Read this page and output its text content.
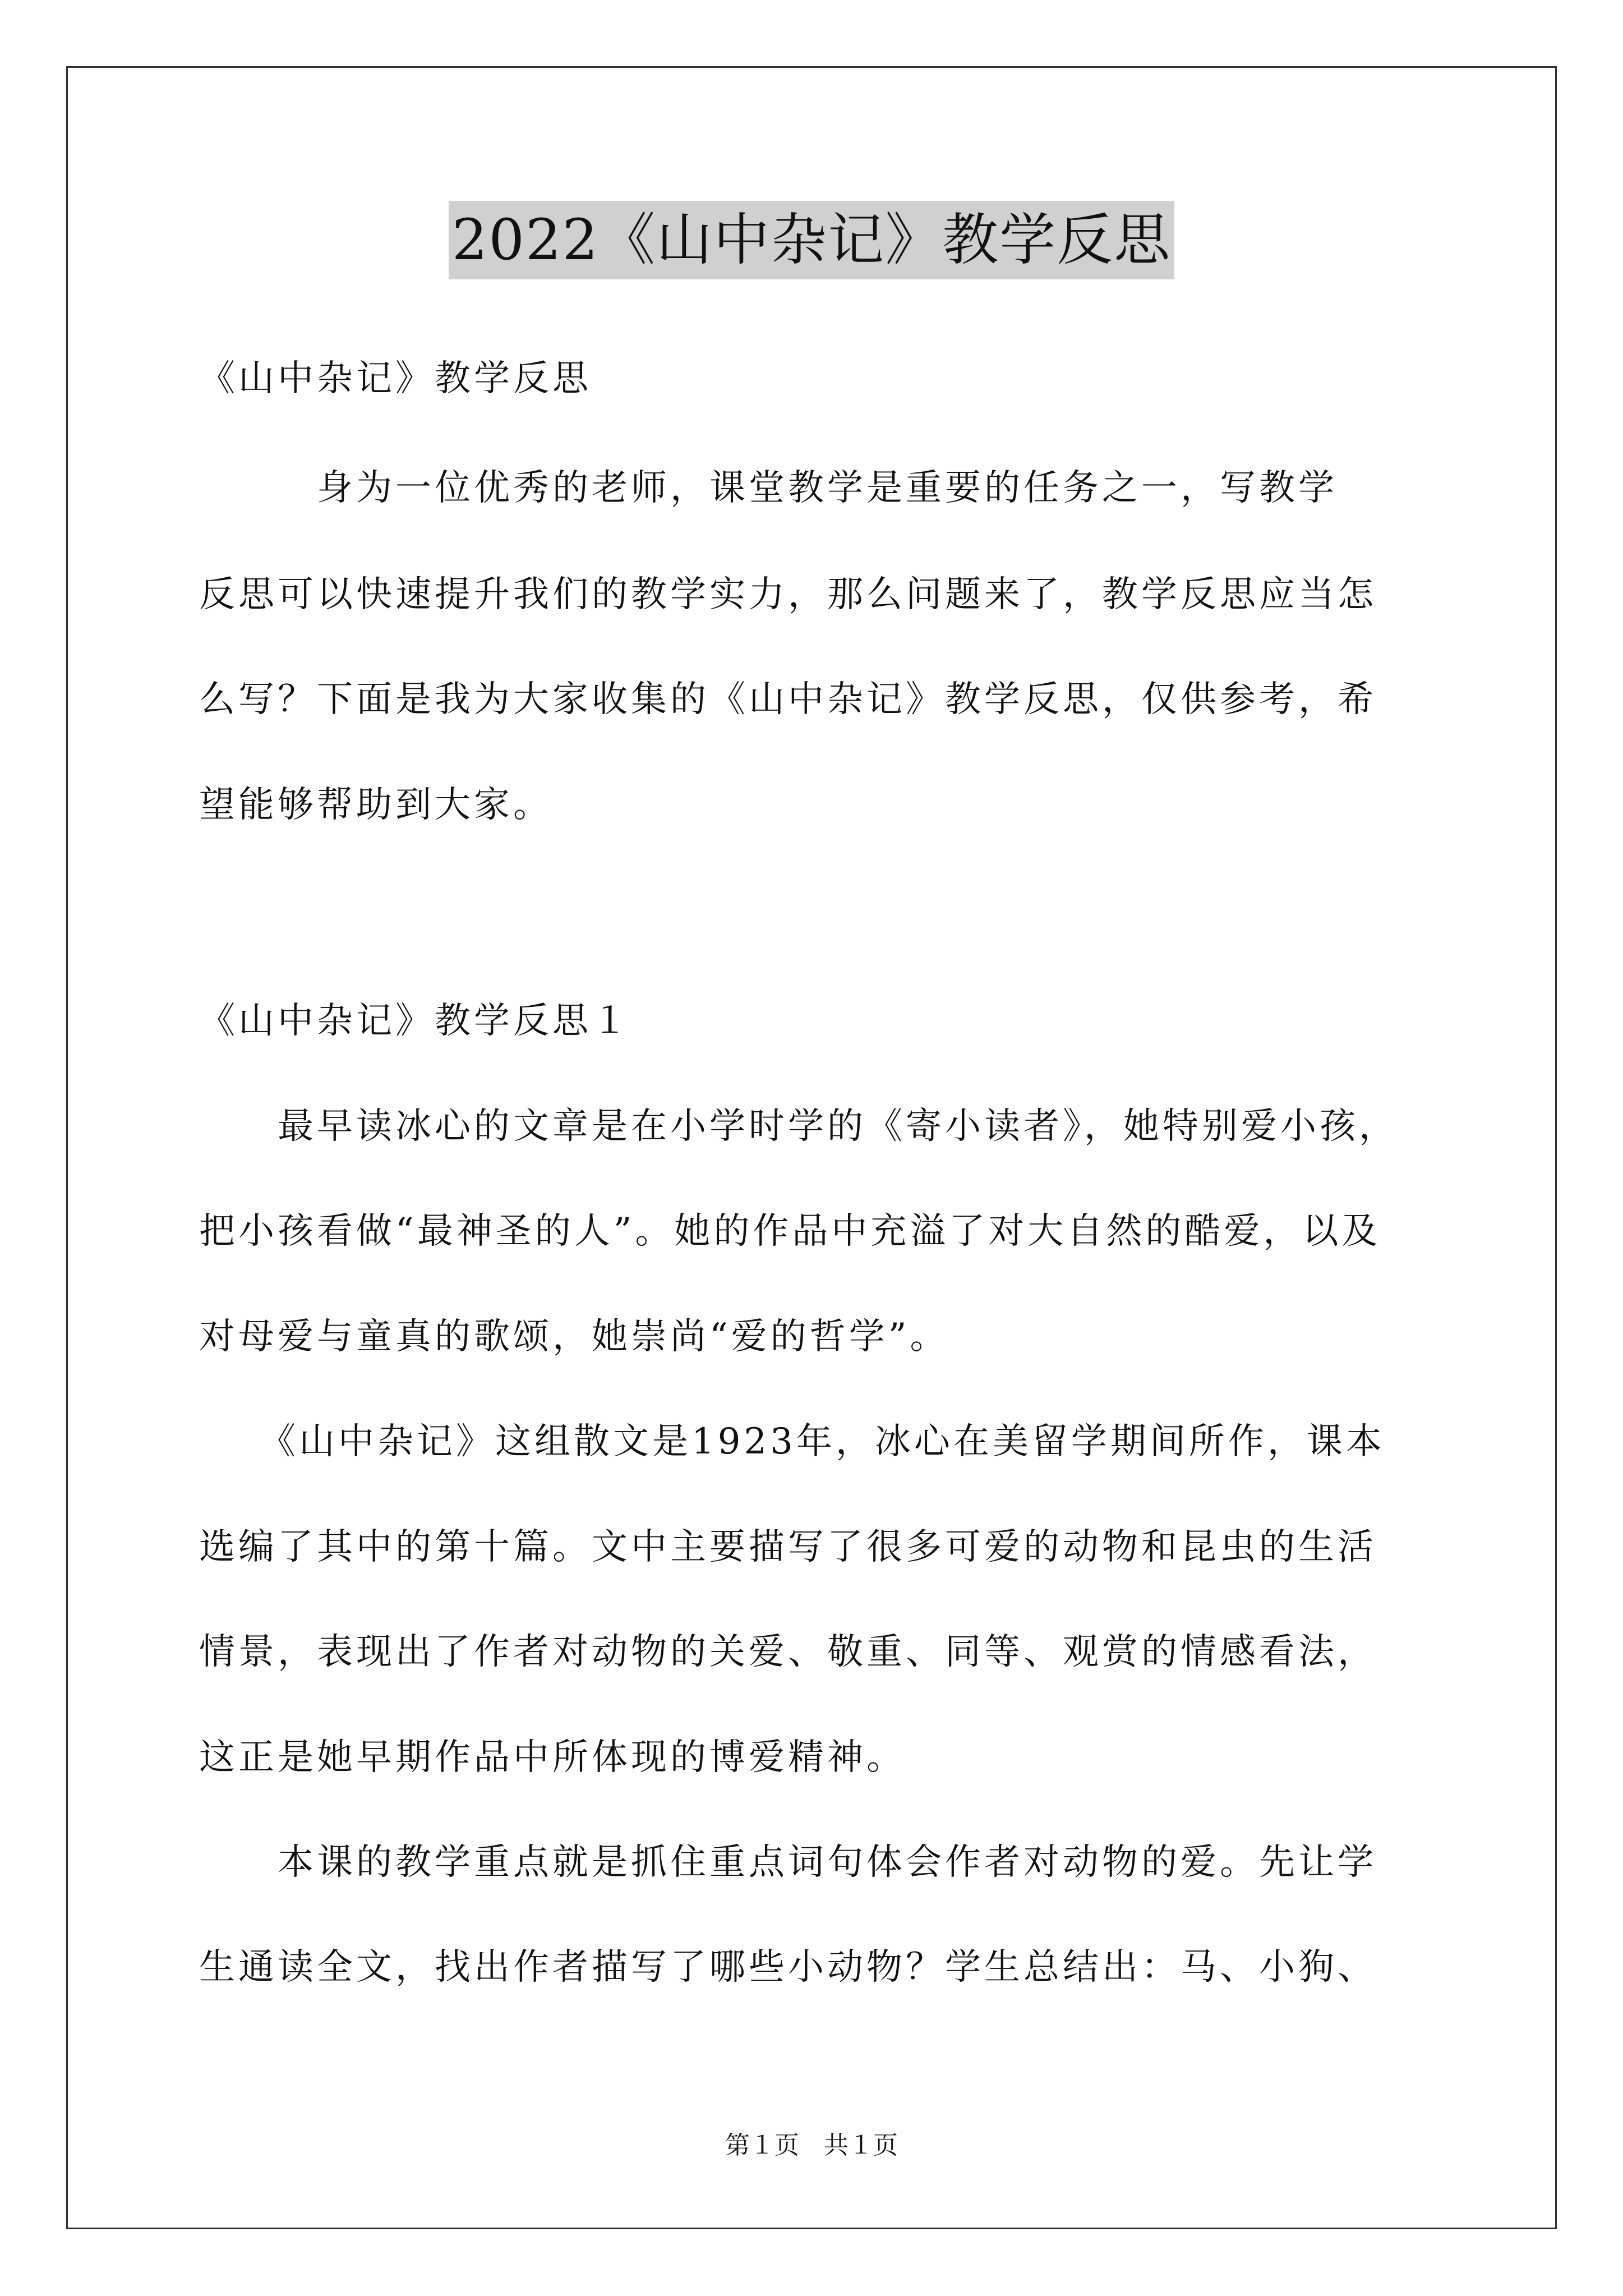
2022《山中杂记》教学反思
《山中杂记》教学反思
　　　身为一位优秀的老师，课堂教学是重要的任务之一，写教学
反思可以快速提升我们的教学实力，那么问题来了，教学反思应当怎
么写？下面是我为大家收集的《山中杂记》教学反思，仅供参考，希
望能够帮助到大家。
《山中杂记》教学反思１
　　最早读冰心的文章是在小学时学的《寄小读者》，她特别爱小孩，
把小孩看做“最神圣的人”。她的作品中充溢了对大自然的酷爱，以及
对母爱与童真的歌颂，她崇尚“爱的哲学”。
　　《山中杂记》这组散文是1923年，冰心在美留学期间所作，课本
选编了其中的第十篇。文中主要描写了很多可爱的动物和昆虫的生活
情景，表现出了作者对动物的关爱、敬重、同等、观赏的情感看法，
这正是她早期作品中所体现的博爱精神。
　　本课的教学重点就是抓住重点词句体会作者对动物的爱。先让学
生通读全文，找出作者描写了哪些小动物？学生总结出：马、小狗、
第１页　共１页
